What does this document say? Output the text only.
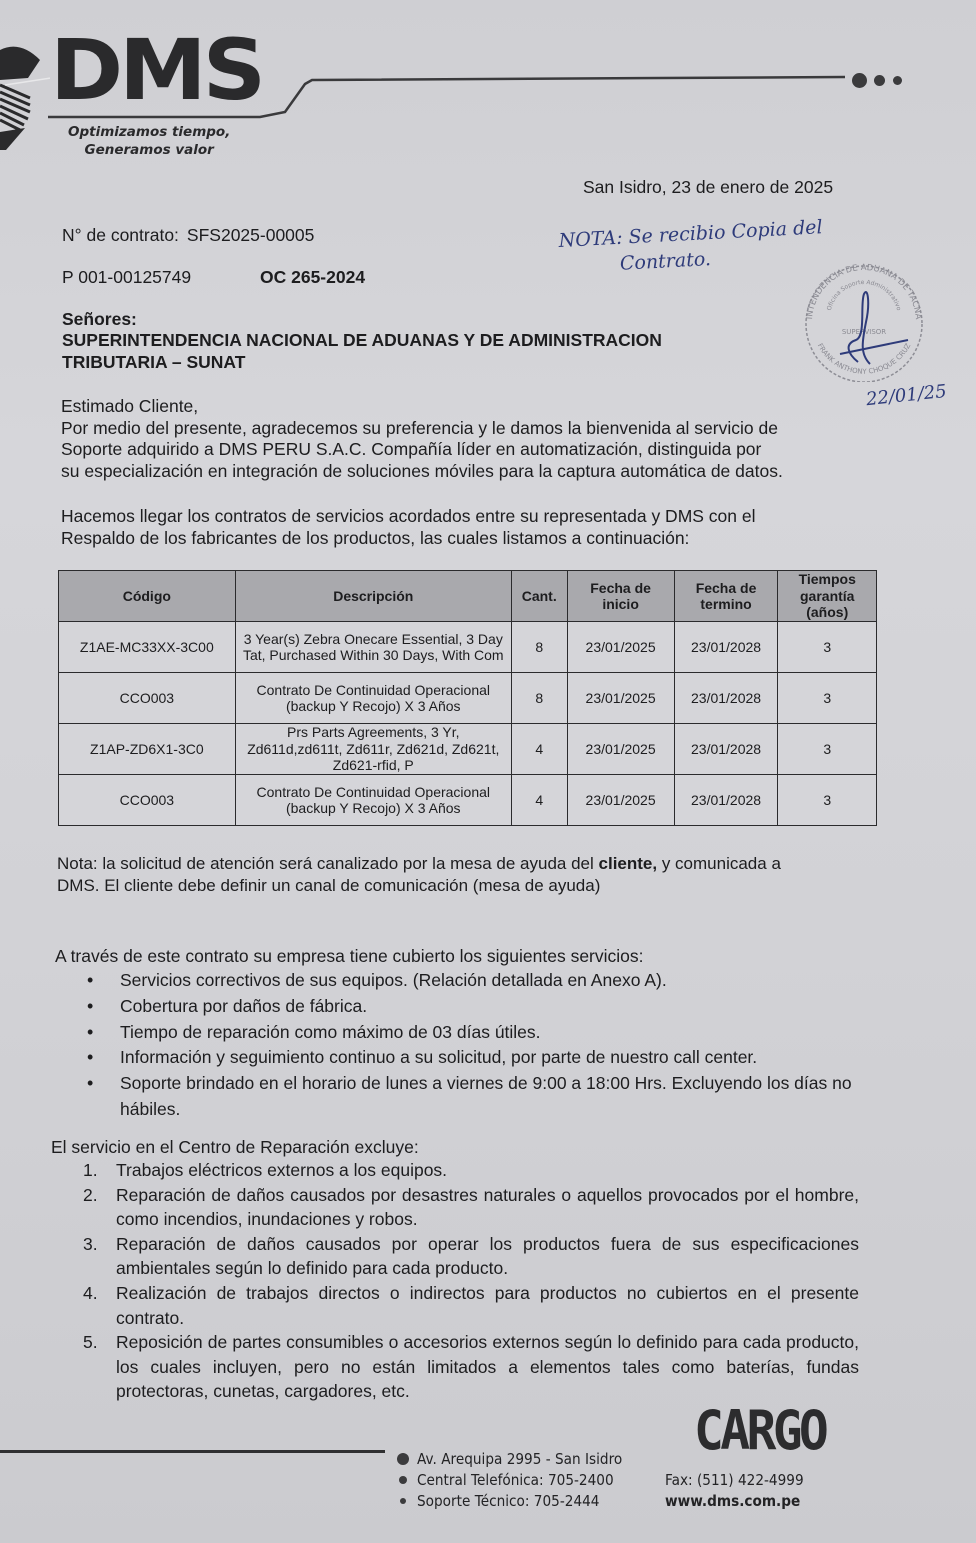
DMS
Optimizamos tiempo,
Generamos valor
San Isidro, 23 de enero de 2025
N° de contrato: SFS2025-00005
P 001-00125749	OC 265-2024
Señores:
SUPERINTENDENCIA NACIONAL DE ADUANAS Y DE ADMINISTRACION
TRIBUTARIA – SUNAT
NOTA: Se recibio Copia del
Contrato.
INTENDENCIA DE ADUANA DE TACNA
Oficina Soporte Administrativo
SUPERVISOR
FRANK ANTHONY CHOQUE CRUZ
22/01/25
Estimado Cliente,
Por medio del presente, agradecemos su preferencia y le damos la bienvenida al servicio de
Soporte adquirido a DMS PERU S.A.C. Compañía líder en automatización, distinguida por
su especialización en integración de soluciones móviles para la captura automática de datos.
Hacemos llegar los contratos de servicios acordados entre su representada y DMS con el
Respaldo de los fabricantes de los productos, las cuales listamos a continuación:
Código	Descripción	Cant.	Fecha de inicio	Fecha de termino	Tiempos garantía (años)
Z1AE-MC33XX-3C00	3 Year(s) Zebra Onecare Essential, 3 Day Tat, Purchased Within 30 Days, With Com	8	23/01/2025	23/01/2028	3
CCO003	Contrato De Continuidad Operacional (backup Y Recojo) X 3 Años	8	23/01/2025	23/01/2028	3
Z1AP-ZD6X1-3C0	Prs Parts Agreements, 3 Yr, Zd611d,zd611t, Zd611r, Zd621d, Zd621t, Zd621-rfid, P	4	23/01/2025	23/01/2028	3
CCO003	Contrato De Continuidad Operacional (backup Y Recojo) X 3 Años	4	23/01/2025	23/01/2028	3
Nota: la solicitud de atención será canalizado por la mesa de ayuda del cliente, y comunicada a
DMS. El cliente debe definir un canal de comunicación (mesa de ayuda)
A través de este contrato su empresa tiene cubierto los siguientes servicios:
• Servicios correctivos de sus equipos. (Relación detallada en Anexo A).
• Cobertura por daños de fábrica.
• Tiempo de reparación como máximo de 03 días útiles.
• Información y seguimiento continuo a su solicitud, por parte de nuestro call center.
• Soporte brindado en el horario de lunes a viernes de 9:00 a 18:00 Hrs. Excluyendo los días no hábiles.
El servicio en el Centro de Reparación excluye:
1. Trabajos eléctricos externos a los equipos.
2. Reparación de daños causados por desastres naturales o aquellos provocados por el hombre, como incendios, inundaciones y robos.
3. Reparación de daños causados por operar los productos fuera de sus especificaciones ambientales según lo definido para cada producto.
4. Realización de trabajos directos o indirectos para productos no cubiertos en el presente contrato.
5. Reposición de partes consumibles o accesorios externos según lo definido para cada producto, los cuales incluyen, pero no están limitados a elementos tales como baterías, fundas protectoras, cunetas, cargadores, etc.
Av. Arequipa 2995 - San Isidro
Central Telefónica: 705-2400
Soporte Técnico: 705-2444
Fax: (511) 422-4999
www.dms.com.pe
CARGO
